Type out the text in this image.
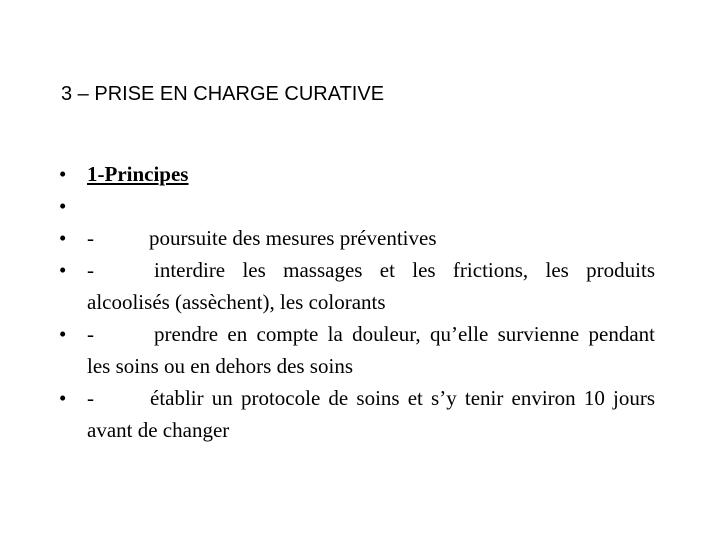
3 – PRISE EN CHARGE CURATIVE
• 1-Principes
•
• -	poursuite des mesures préventives
• -	interdire les massages et les frictions, les produits alcoolisés (assèchent), les colorants
• -	prendre en compte la douleur, qu’elle survienne pendant les soins ou en dehors des soins
• -	établir un protocole de soins et s’y tenir environ 10 jours avant de changer
